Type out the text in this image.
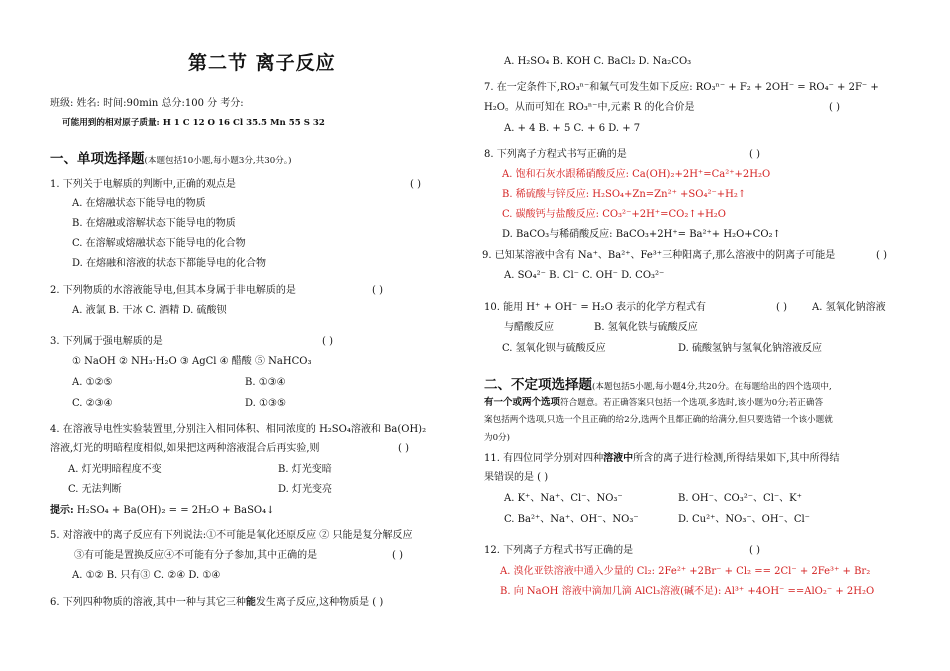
第二节 离子反应
班级: 姓名: 时间:90min 总分:100 分 考分:
可能用到的相对原子质量: H 1 C 12 O 16 Cl 35.5 Mn 55 S 32
一、单项选择题(本题包括10小题,每小题3分,共30分。)
1. 下列关于电解质的判断中,正确的观点是	( )
A. 在熔融状态下能导电的物质
B. 在熔融或溶解状态下能导电的物质
C. 在溶解或熔融状态下能导电的化合物
D. 在熔融和溶液的状态下都能导电的化合物
2. 下列物质的水溶液能导电,但其本身属于非电解质的是	( )
A. 液氯 B. 干冰 C. 酒精 D. 硫酸钡
3. 下列属于强电解质的是	( )
① NaOH ② NH₃·H₂O ③ AgCl ④ 醋酸 ⑤ NaHCO₃
A. ①②⑤	B. ①③④
C. ②③④	D. ①③⑤
4. 在溶液导电性实验装置里,分别注入相同体积、相同浓度的 H₂SO₄溶液和 Ba(OH)₂
溶液,灯光的明暗程度相似,如果把这两种溶液混合后再实验,则	( )
A. 灯光明暗程度不变	B. 灯光变暗
C. 无法判断	D. 灯光变亮
提示: H₂SO₄ + Ba(OH)₂ = = 2H₂O + BaSO₄↓
5. 对溶液中的离子反应有下列说法:①不可能是氧化还原反应 ② 只能是复分解反应
③有可能是置换反应④不可能有分子参加,其中正确的是	( )
A. ①② B. 只有③ C. ②④ D. ①④
6. 下列四种物质的溶液,其中一种与其它三种能发生离子反应,这种物质是 ( )
A. H₂SO₄ B. KOH C. BaCl₂ D. Na₂CO₃
7. 在一定条件下,RO₃ⁿ⁻和氟气可发生如下反应: RO₃ⁿ⁻ + F₂ + 2OH⁻ = RO₄⁻ + 2F⁻ +
H₂O。从而可知在 RO₃ⁿ⁻中,元素 R 的化合价是	( )
A. + 4 B. + 5 C. + 6 D. + 7
8. 下列离子方程式书写正确的是	( )
A. 饱和石灰水跟稀硝酸反应: Ca(OH)₂+2H⁺=Ca²⁺+2H₂O
B. 稀硫酸与锌反应: H₂SO₄+Zn=Zn²⁺ +SO₄²⁻+H₂↑
C. 碳酸钙与盐酸反应: CO₃²⁻+2H⁺=CO₂↑+H₂O
D. BaCO₃与稀硝酸反应: BaCO₃+2H⁺= Ba²⁺+ H₂O+CO₂↑
9. 已知某溶液中含有 Na⁺、Ba²⁺、Fe³⁺三种阳离子,那么溶液中的阴离子可能是	( )
A. SO₄²⁻ B. Cl⁻ C. OH⁻ D. CO₃²⁻
10. 能用 H⁺ + OH⁻ = H₂O 表示的化学方程式有	( )	A. 氢氧化钠溶液
与醋酸反应	B. 氢氧化铁与硫酸反应
C. 氢氧化钡与硫酸反应	D. 硫酸氢钠与氢氧化钠溶液反应
二、不定项选择题(本题包括5小题,每小题4分,共20分。在每题给出的四个选项中,
有一个或两个选项符合题意。若正确答案只包括一个选项,多选时,该小题为0分;若正确答
案包括两个选项,只选一个且正确的给2分,选两个且都正确的给满分,但只要选错一个该小题就
为0分)
11. 有四位同学分别对四种溶液中所含的离子进行检测,所得结果如下,其中所得结
果错误的是 ( )
A. K⁺、Na⁺、Cl⁻、NO₃⁻	B. OH⁻、CO₃²⁻、Cl⁻、K⁺
C. Ba²⁺、Na⁺、OH⁻、NO₃⁻	D. Cu²⁺、NO₃⁻、OH⁻、Cl⁻
12. 下列离子方程式书写正确的是	( )
A. 溴化亚铁溶液中通入少量的 Cl₂: 2Fe²⁺ +2Br⁻ + Cl₂ == 2Cl⁻ + 2Fe³⁺ + Br₂
B. 向 NaOH 溶液中滴加几滴 AlCl₃溶液(碱不足): Al³⁺ +4OH⁻ ==AlO₂⁻ + 2H₂O
